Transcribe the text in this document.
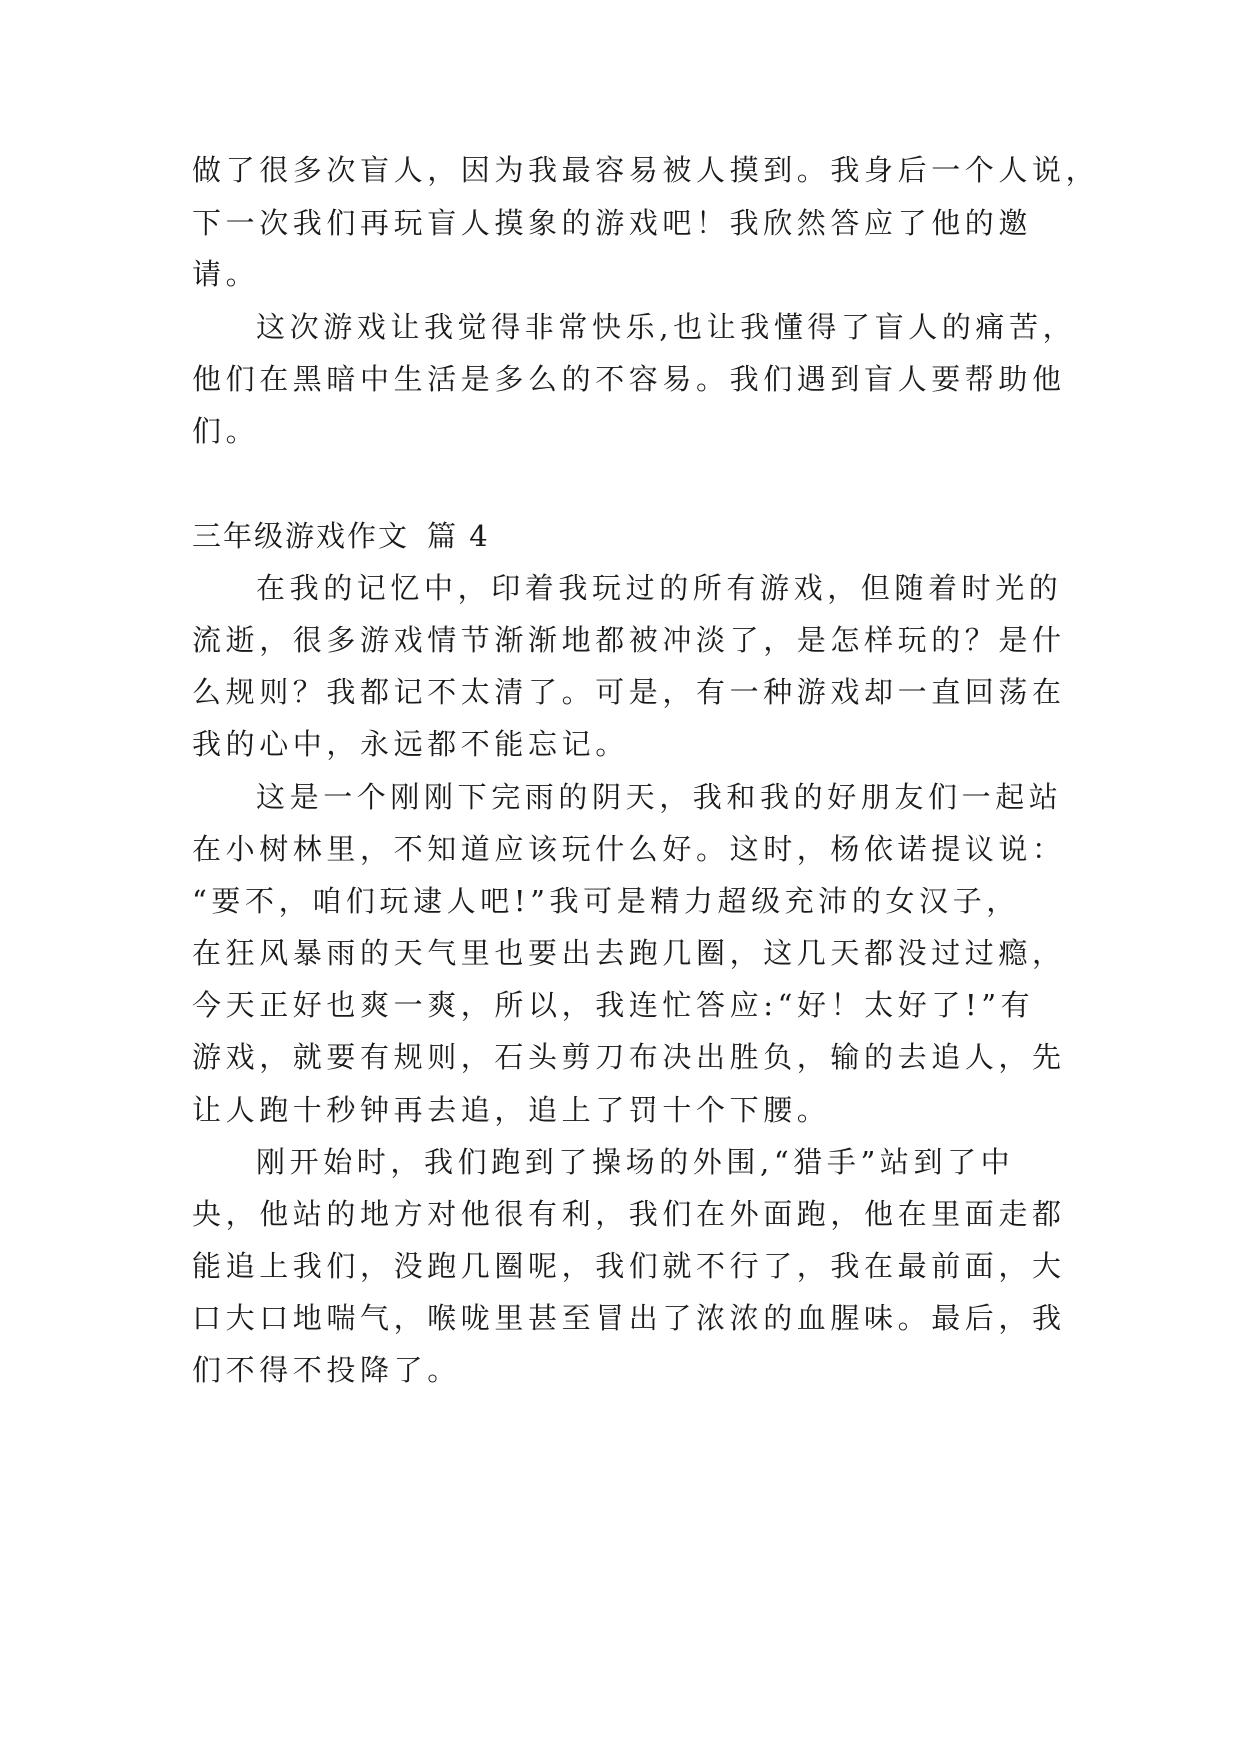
做了很多次盲人，因为我最容易被人摸到。我身后一个人说，
下一次我们再玩盲人摸象的游戏吧！我欣然答应了他的邀
请。
这次游戏让我觉得非常快乐,也让我懂得了盲人的痛苦，
他们在黑暗中生活是多么的不容易。我们遇到盲人要帮助他
们。
三年级游戏作文 篇 4
在我的记忆中，印着我玩过的所有游戏，但随着时光的
流逝，很多游戏情节渐渐地都被冲淡了，是怎样玩的？是什
么规则？我都记不太清了。可是，有一种游戏却一直回荡在
我的心中，永远都不能忘记。
这是一个刚刚下完雨的阴天，我和我的好朋友们一起站
在小树林里，不知道应该玩什么好。这时，杨依诺提议说：
“要不，咱们玩逮人吧!”我可是精力超级充沛的女汉子，
在狂风暴雨的天气里也要出去跑几圈，这几天都没过过瘾，
今天正好也爽一爽，所以，我连忙答应:“好！太好了!”有
游戏，就要有规则，石头剪刀布决出胜负，输的去追人，先
让人跑十秒钟再去追，追上了罚十个下腰。
刚开始时，我们跑到了操场的外围,“猎手”站到了中
央，他站的地方对他很有利，我们在外面跑，他在里面走都
能追上我们，没跑几圈呢，我们就不行了，我在最前面，大
口大口地喘气，喉咙里甚至冒出了浓浓的血腥味。最后，我
们不得不投降了。
